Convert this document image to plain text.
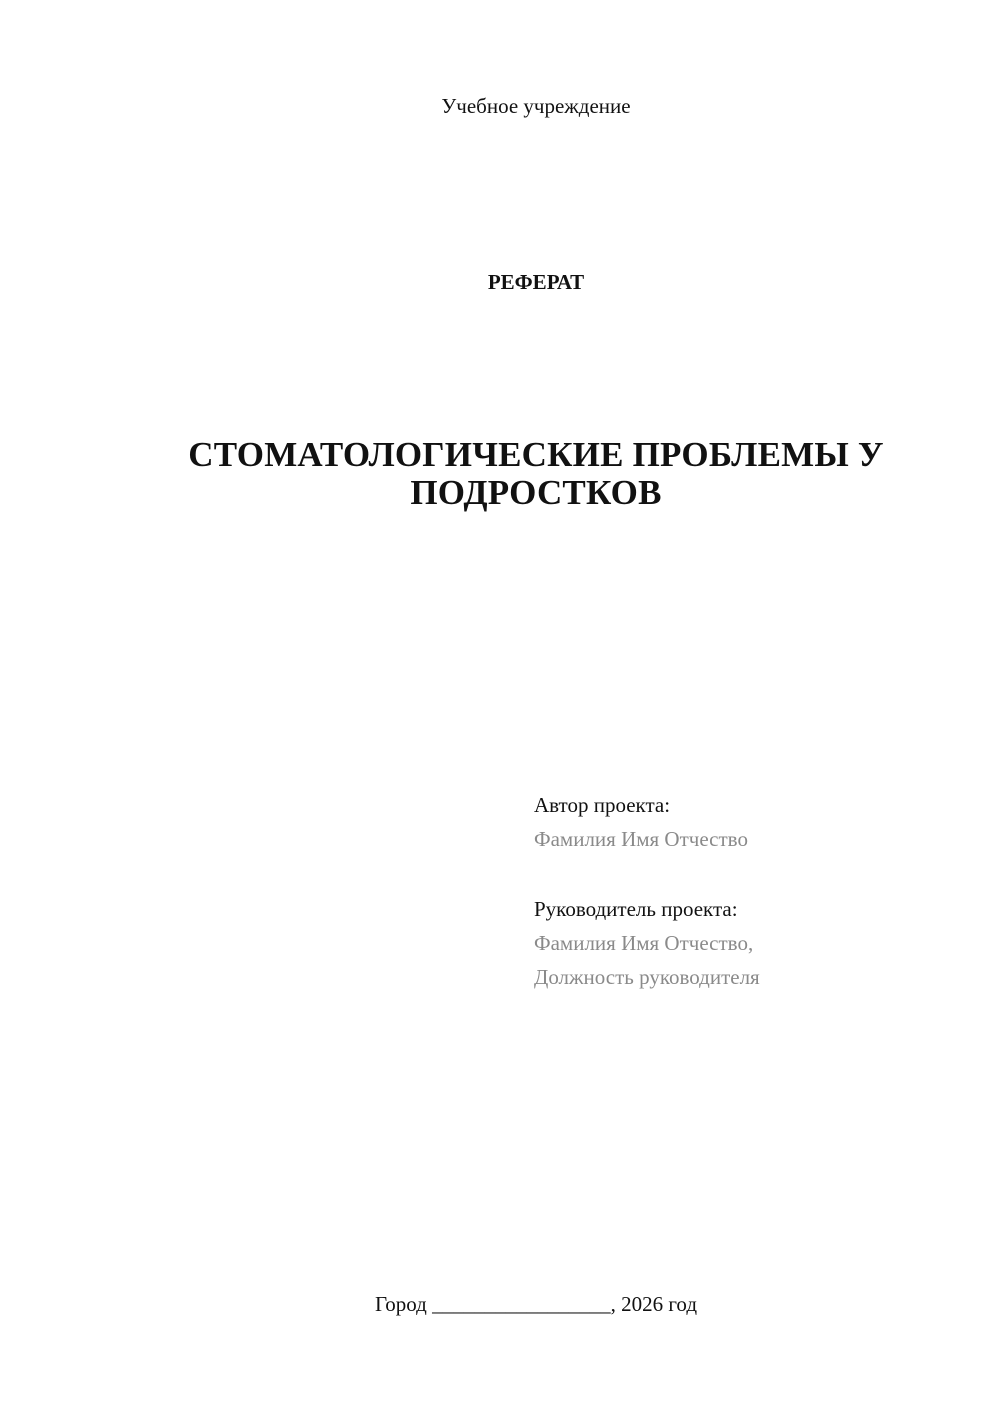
Учебное учреждение
РЕФЕРАТ
СТОМАТОЛОГИЧЕСКИЕ ПРОБЛЕМЫ У
ПОДРОСТКОВ
Автор проекта:
Фамилия Имя Отчество
Руководитель проекта:
Фамилия Имя Отчество,
Должность руководителя
Город _________________, 2026 год
